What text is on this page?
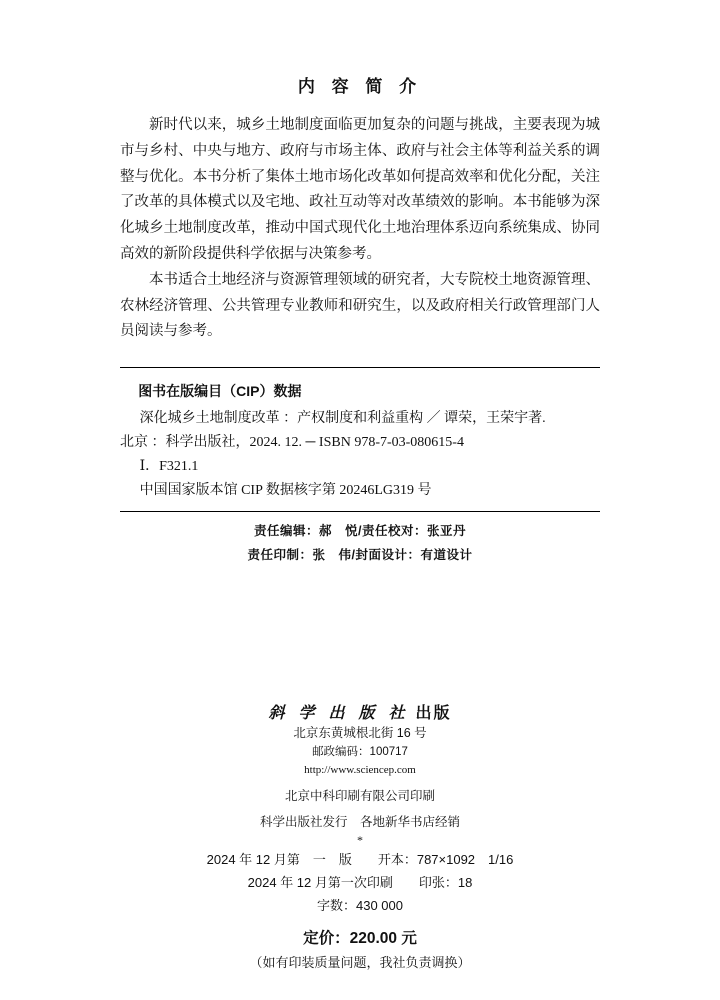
内 容 简 介

新时代以来，城乡土地制度面临更加复杂的问题与挑战，主要表现为城市与乡村、中央与地方、政府与市场主体、政府与社会主体等利益关系的调整与优化。本书分析了集体土地市场化改革如何提高效率和优化分配，关注了改革的具体模式以及宅地、政社互动等对改革绩效的影响。本书能够为深化城乡土地制度改革，推动中国式现代化土地治理体系迈向系统集成、协同高效的新阶段提供科学依据与决策参考。

本书适合土地经济与资源管理领域的研究者，大专院校土地资源管理、农林经济管理、公共管理专业教师和研究生，以及政府相关行政管理部门人员阅读与参考。

图书在版编目（CIP）数据
深化城乡土地制度改革 ：产权制度和利益重构 ／ 谭荣，王荣宇著.
北京 ：科学出版社，2024. 12. ─ ISBN 978-7-03-080615-4
Ⅰ．F321.1
中国国家版本馆 CIP 数据核字第 20246LG319 号
责任编辑：郝　悦/责任校对：张亚丹
责任印制：张　伟/封面设计：有道设计
斜 学 出 版 社 出版
北京东黄城根北街 16 号
邮政编码：100717
http://www.sciencep.com
北京中科印刷有限公司印刷
科学出版社发行　各地新华书店经销
*
2024 年 12 月第　一　版　　开本：787×1092　1/16
2024 年 12 月第一次印刷　　印张：18
字数：430 000
定价：220.00 元
（如有印装质量问题，我社负责调换）
